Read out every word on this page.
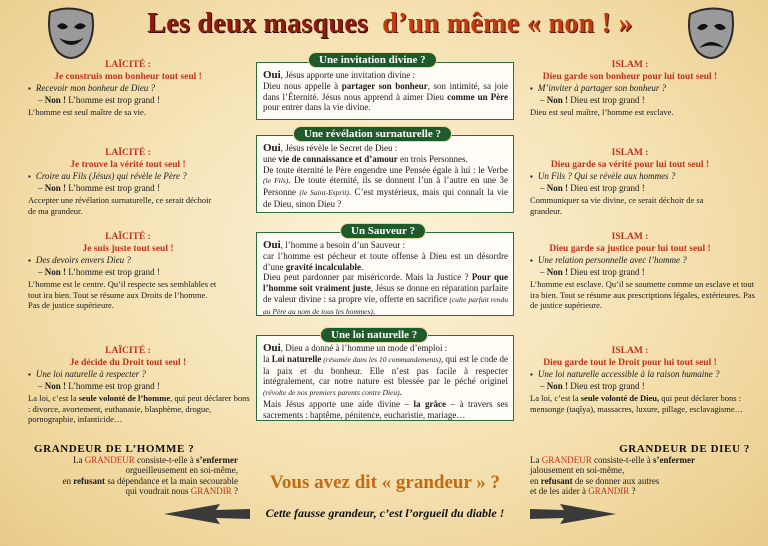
Les deux masques d’un même « non ! »
LAÏCITÉ :
Je construis mon bonheur tout seul !
▪ Recevoir mon bonheur de Dieu ?
– Non ! L’homme est trop grand !
L’homme est seul maître de sa vie.
LAÏCITÉ :
Je trouve la vérité tout seul !
▪ Croire au Fils (Jésus) qui révèle le Père ?
– Non ! L’homme est trop grand !
Accepter une révélation surnaturelle, ce serait déchoir de ma grandeur.
LAÏCITÉ :
Je suis juste tout seul !
▪ Des devoirs envers Dieu ?
– Non ! L’homme est trop grand !
L’homme est le centre. Qu’il respecte ses semblables et tout ira bien. Tout se résume aux Droits de l’homme. Pas de justice supérieure.
LAÏCITÉ :
Je décide du Droit tout seul !
▪ Une loi naturelle à respecter ?
– Non ! L’homme est trop grand !
La loi, c’est la seule volonté de l’homme, qui peut déclarer bons : divorce, avortement, euthanasie, blasphème, drogue, pornographie, infanticide…
ISLAM :
Dieu garde son bonheur pour lui tout seul !
▪ M’inviter à partager son bonheur ?
– Non ! Dieu est trop grand !
Dieu est seul maître, l’homme est esclave.
ISLAM :
Dieu garde sa vérité pour lui tout seul !
▪ Un Fils ? Qui se révèle aux hommes ?
– Non ! Dieu est trop grand !
Communiquer sa vie divine, ce serait déchoir de sa grandeur.
ISLAM :
Dieu garde sa justice pour lui tout seul !
▪ Une relation personnelle avec l’homme ?
– Non ! Dieu est trop grand !
L’homme est esclave. Qu’il se soumette comme un esclave et tout ira bien. Tout se résume aux prescriptions légales, extérieures. Pas de justice supérieure.
ISLAM :
Dieu garde tout le Droit pour lui tout seul !
▪ Une loi naturelle accessible à la raison humaine ?
– Non ! Dieu est trop grand !
La loi, c’est la seule volonté de Dieu, qui peut déclarer bons : mensonge (taqîya), massacres, luxure, pillage, esclavagisme…
Oui, Jésus apporte une invitation divine :
Dieu nous appelle à partager son bonheur, son intimité, sa joie dans l’Éternité. Jésus nous apprend à aimer Dieu comme un Père pour entrer dans la vie divine.
Une invitation divine ?
Oui, Jésus révèle le Secret de Dieu :
une vie de connaissance et d’amour en trois Personnes.
De toute éternité le Père engendre une Pensée égale à lui : le Verbe (le Fils). De toute éternité, ils se donnent l’un à l’autre en une 3e Personne (le Saint-Esprit). C’est mystérieux, mais qui connaît la vie de Dieu, sinon Dieu ?
Une révélation surnaturelle ?
Oui, l’homme a besoin d’un Sauveur :
car l’homme est pécheur et toute offense à Dieu est un désordre d’une gravité incalculable.
Dieu peut pardonner par miséricorde. Mais la Justice ? Pour que l’homme soit vraiment juste, Jésus se donne en réparation parfaite de valeur divine : sa propre vie, offerte en sacrifice (culte parfait rendu au Père au nom de tous les hommes).
Un Sauveur ?
Oui, Dieu a donné à l’homme un mode d’emploi :
la Loi naturelle (résumée dans les 10 commandements), qui est le code de la paix et du bonheur. Elle n’est pas facile à respecter intégralement, car notre nature est blessée par le péché originel (révolte de nos premiers parents contre Dieu).
Mais Jésus apporte une aide divine – la grâce – à travers ses sacrements : baptême, pénitence, eucharistie, mariage…
Une loi naturelle ?
GRANDEUR DE L’HOMME ?
La GRANDEUR consiste-t-elle à s’enfermer
orgueilleusement en soi-même,
en refusant sa dépendance et la main secourable
qui voudrait nous GRANDIR ?
GRANDEUR DE DIEU ?
La GRANDEUR consiste-t-elle à s’enfermer
jalousement en soi-même,
en refusant de se donner aux autres
et de les aider à GRANDIR ?
Vous avez dit « grandeur » ?
Cette fausse grandeur, c’est l’orgueil du diable !
